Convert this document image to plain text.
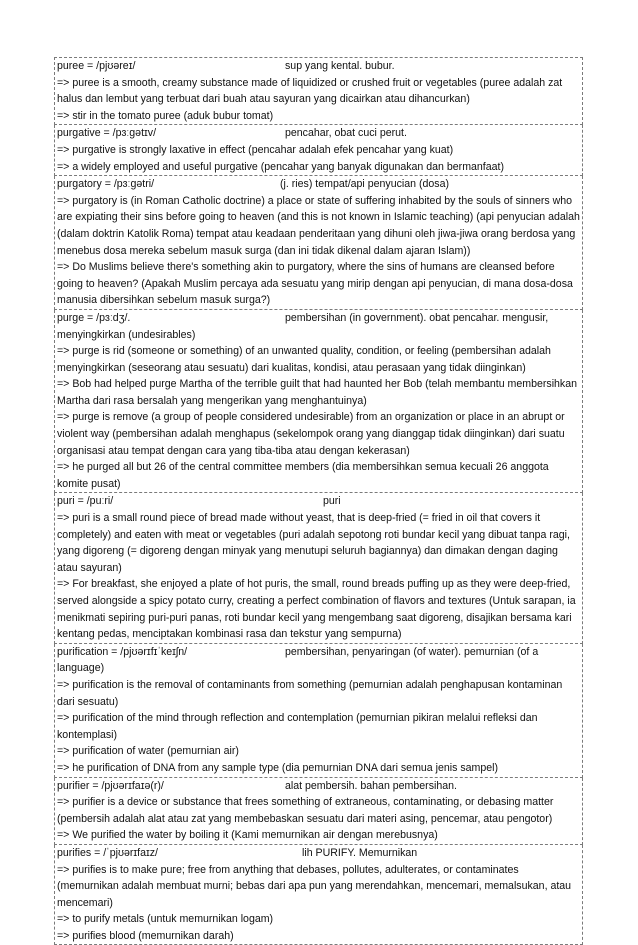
puree = /pjʊəreɪ/	sup yang kental. bubur.
=> puree is a smooth, creamy substance made of liquidized or crushed fruit or vegetables (puree adalah zat halus dan lembut yang terbuat dari buah atau sayuran yang dicairkan atau dihancurkan)
=> stir in the tomato puree (aduk bubur tomat)
purgative = /pɜːɡətɪv/	pencahar, obat cuci perut.
=> purgative is strongly laxative in effect (pencahar adalah efek pencahar yang kuat)
=> a widely employed and useful purgative (pencahar yang banyak digunakan dan bermanfaat)
purgatory = /pɜːɡətri/	(j. ries) tempat/api penyucian (dosa)
=> purgatory is (in Roman Catholic doctrine) a place or state of suffering inhabited by the souls of sinners who are expiating their sins before going to heaven (and this is not known in Islamic teaching) (api penyucian adalah (dalam doktrin Katolik Roma) tempat atau keadaan penderitaan yang dihuni oleh jiwa-jiwa orang berdosa yang menebus dosa mereka sebelum masuk surga (dan ini tidak dikenal dalam ajaran Islam))
=> Do Muslims believe there's something akin to purgatory, where the sins of humans are cleansed before going to heaven? (Apakah Muslim percaya ada sesuatu yang mirip dengan api penyucian, di mana dosa-dosa manusia dibersihkan sebelum masuk surga?)
purge = /pɜːdʒ/.	pembersihan (in government). obat pencahar. mengusir, menyingkirkan (undesirables)
=> purge is rid (someone or something) of an unwanted quality, condition, or feeling (pembersihan adalah menyingkirkan (seseorang atau sesuatu) dari kualitas, kondisi, atau perasaan yang tidak diinginkan)
=> Bob had helped purge Martha of the terrible guilt that had haunted her Bob (telah membantu membersihkan Martha dari rasa bersalah yang mengerikan yang menghantuinya)
=> purge is remove (a group of people considered undesirable) from an organization or place in an abrupt or violent way (pembersihan adalah menghapus (sekelompok orang yang dianggap tidak diinginkan) dari suatu organisasi atau tempat dengan cara yang tiba-tiba atau dengan kekerasan)
=> he purged all but 26 of the central committee members (dia membersihkan semua kecuali 26 anggota komite pusat)
puri = /puːri/	puri
=> puri is a small round piece of bread made without yeast, that is deep-fried (= fried in oil that covers it completely) and eaten with meat or vegetables (puri adalah sepotong roti bundar kecil yang dibuat tanpa ragi, yang digoreng (= digoreng dengan minyak yang menutupi seluruh bagiannya) dan dimakan dengan daging atau sayuran)
=> For breakfast, she enjoyed a plate of hot puris, the small, round breads puffing up as they were deep-fried, served alongside a spicy potato curry, creating a perfect combination of flavors and textures (Untuk sarapan, ia menikmati sepiring puri-puri panas, roti bundar kecil yang mengembang saat digoreng, disajikan bersama kari kentang pedas, menciptakan kombinasi rasa dan tekstur yang sempurna)
purification = /pjʊərɪfɪˈkeɪʃn/	pembersihan, penyaringan (of water). pemurnian (of a language)
=> purification is the removal of contaminants from something (pemurnian adalah penghapusan kontaminan dari sesuatu)
=> purification of the mind through reflection and contemplation (pemurnian pikiran melalui refleksi dan kontemplasi)
=> purification of water (pemurnian air)
=> he purification of DNA from any sample type (dia pemurnian DNA dari semua jenis sampel)
purifier = /pjʊərɪfaɪə(r)/	alat pembersih. bahan pembersihan.
=> purifier is a device or substance that frees something of extraneous, contaminating, or debasing matter (pembersih adalah alat atau zat yang membebaskan sesuatu dari materi asing, pencemar, atau pengotor)
=> We purified the water by boiling it (Kami memurnikan air dengan merebusnya)
purifies = /ˈpjʊərɪfaɪz/	lih PURIFY. Memurnikan
=> purifies is to make pure; free from anything that debases, pollutes, adulterates, or contaminates (memurnikan adalah membuat murni; bebas dari apa pun yang merendahkan, mencemari, memalsukan, atau mencemari)
=> to purify metals (untuk memurnikan logam)
=> purifies blood (memurnikan darah)
